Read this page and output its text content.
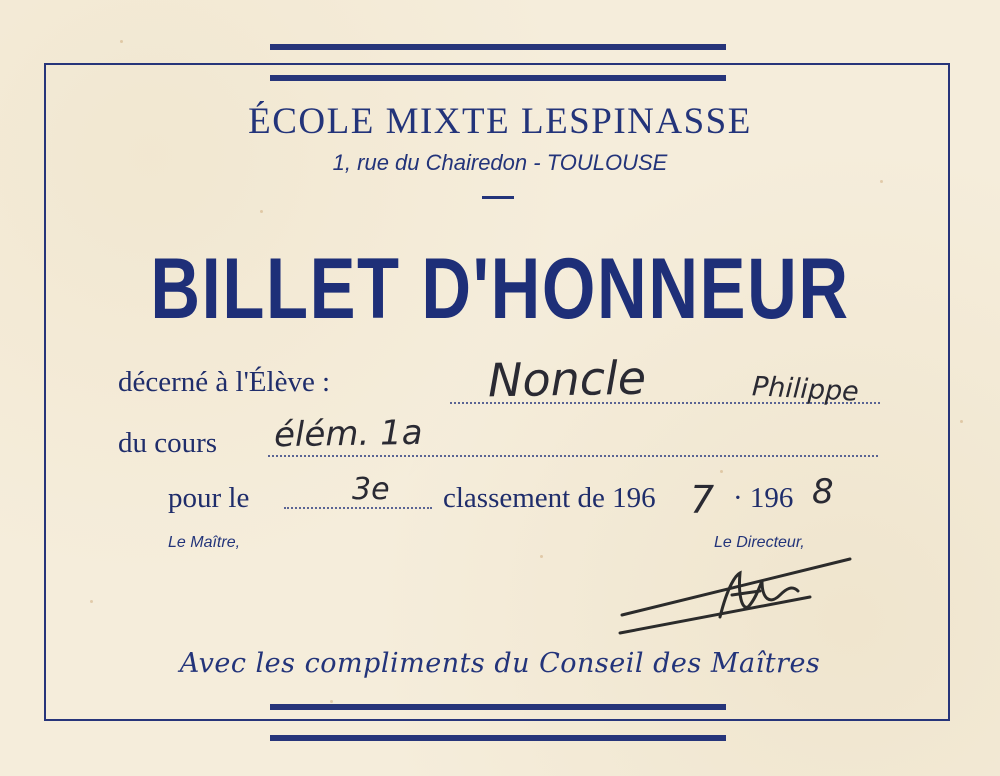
ÉCOLE MIXTE LESPINASSE
1, rue du Chairedon - TOULOUSE
BILLET D'HONNEUR
décerné à l'Élève :	Noncle	Philippe
du cours élém. 1a
pour le	3e classement de 196 7 · 196 8
Le Maître,	Le Directeur,
Avec les compliments du Conseil des Maîtres
